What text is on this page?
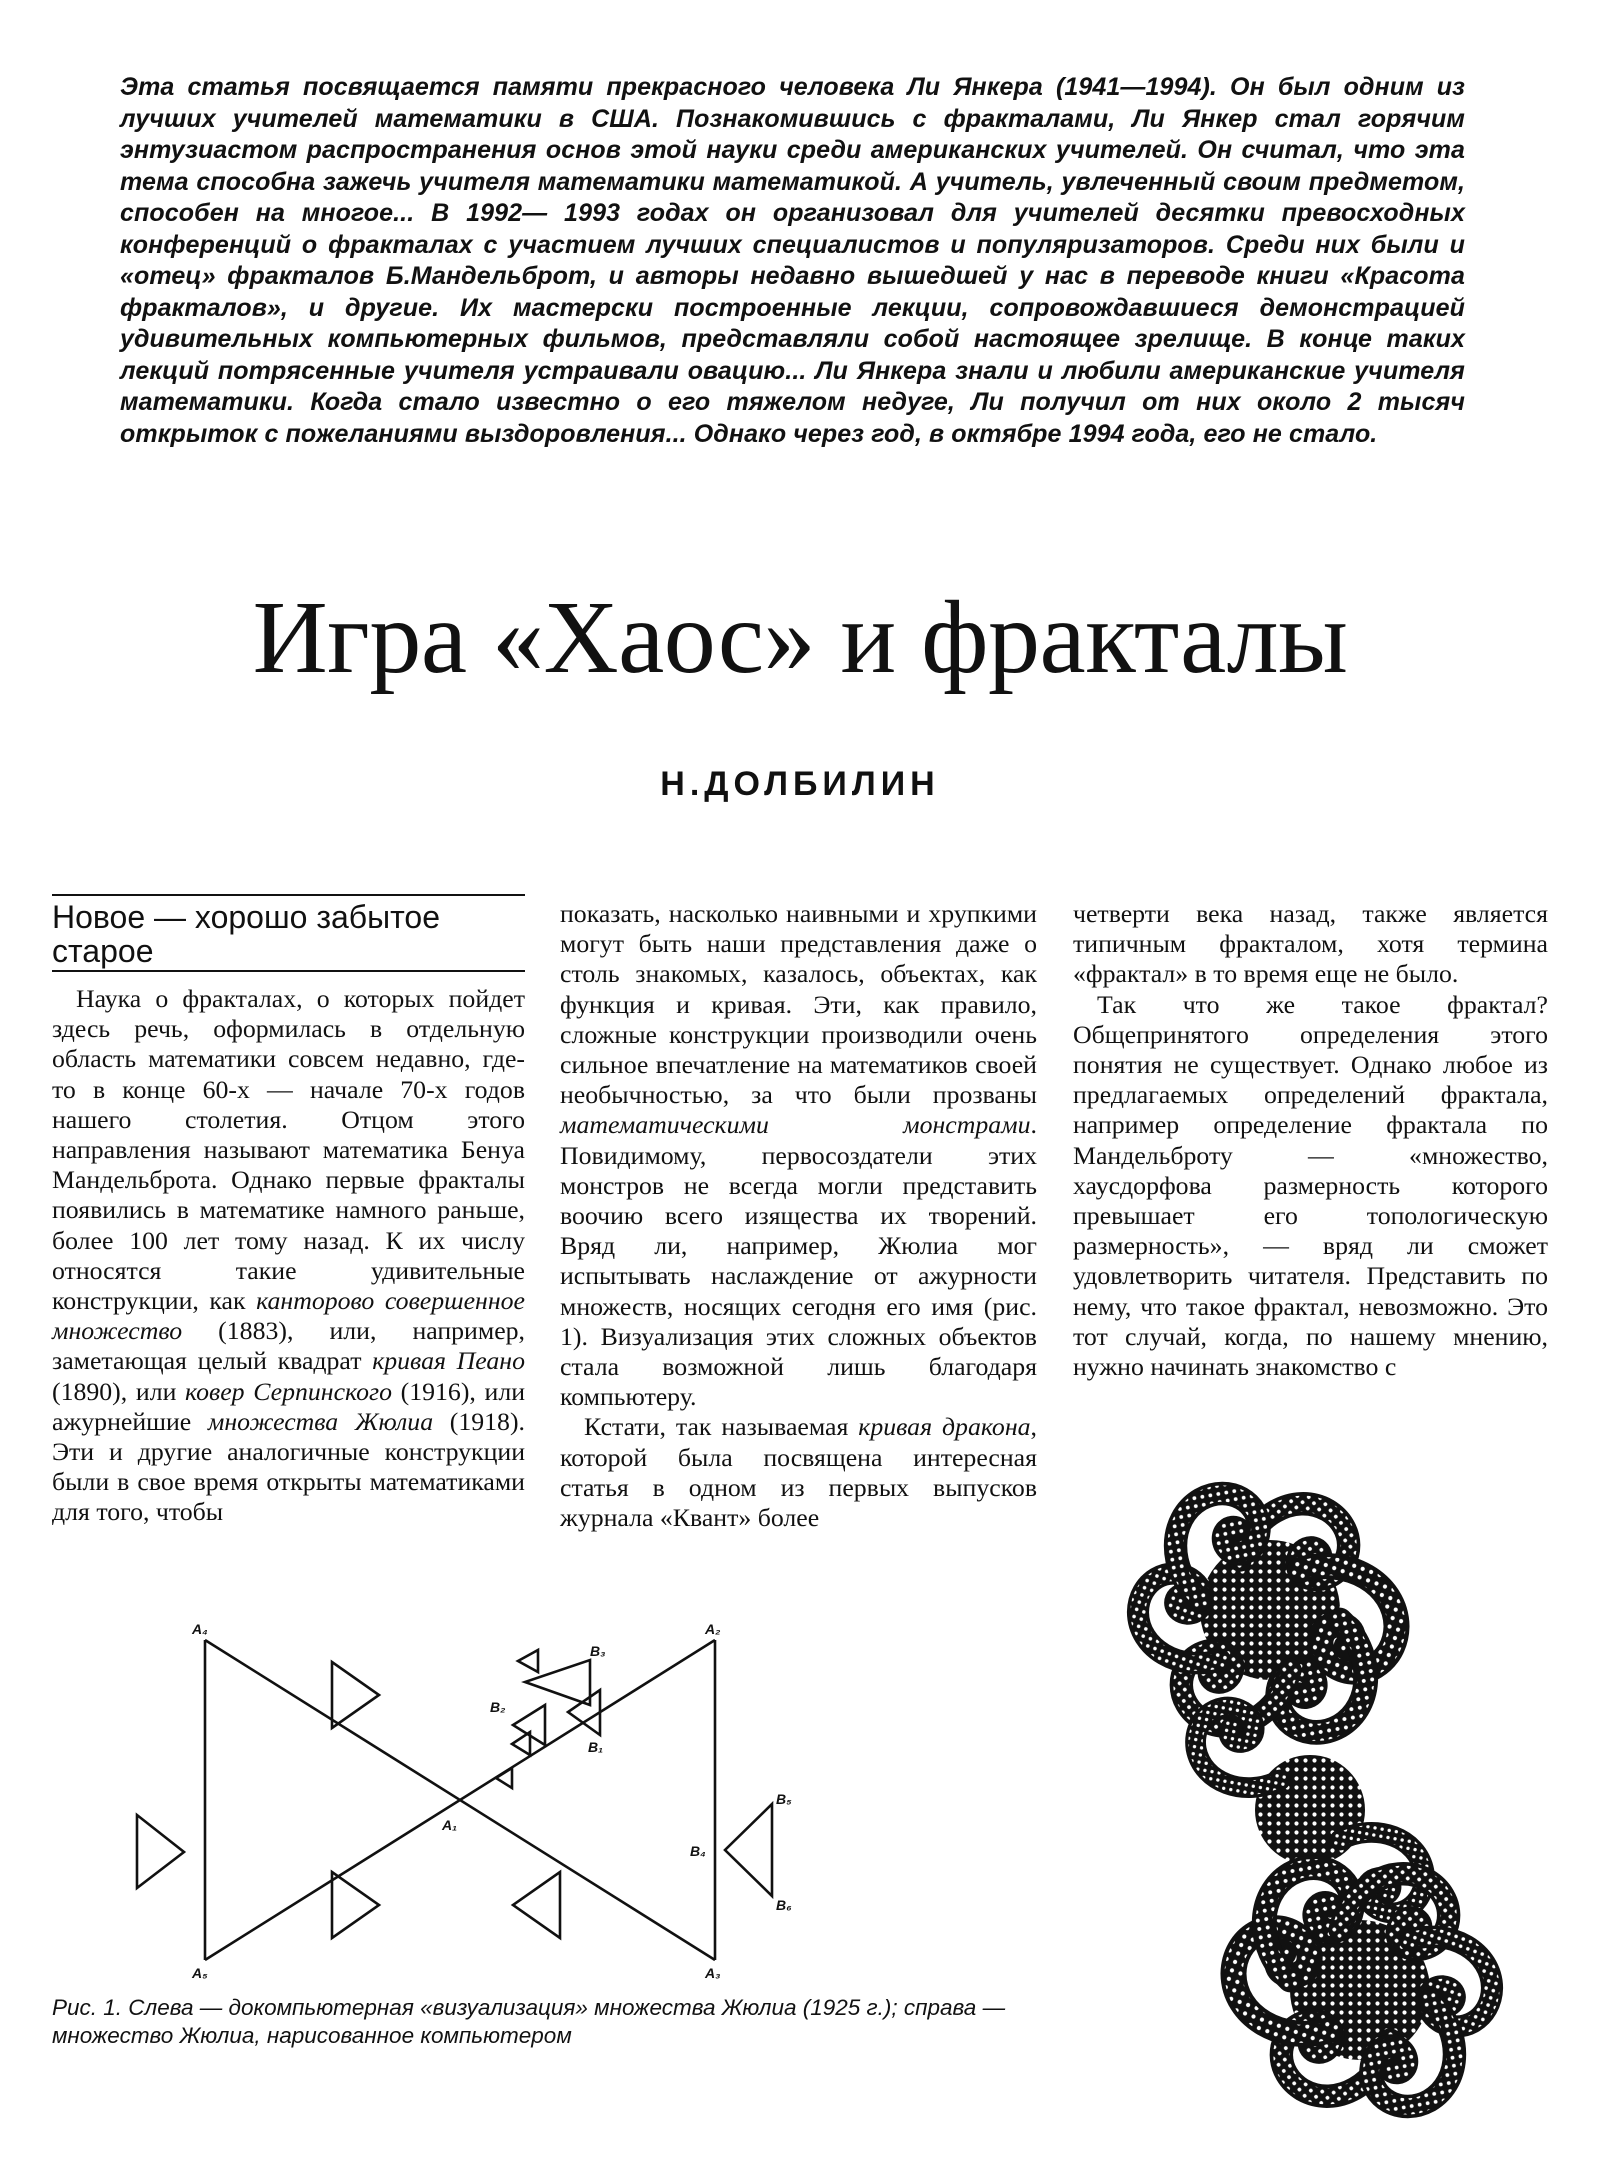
Эта статья посвящается памяти прекрасного человека Ли Янкера (1941—1994). Он был одним из лучших учителей математики в США. Познакомившись с фракталами, Ли Янкер стал горячим энтузиастом распространения основ этой науки среди американских учителей. Он считал, что эта тема способна зажечь учителя математики математикой. А учитель, увлеченный своим предметом, способен на многое... В 1992— 1993 годах он организовал для учителей десятки превосходных конференций о фракталах с участием лучших специалистов и популяризаторов. Среди них были и «отец» фракталов Б.Мандельброт, и авторы недавно вышедшей у нас в переводе книги «Красота фракталов», и другие. Их мастерски построенные лекции, сопровождавшиеся демонстрацией удивительных компьютерных фильмов, представляли собой настоящее зрелище. В конце таких лекций потрясенные учителя устраивали овацию... Ли Янкера знали и любили американские учителя математики. Когда стало известно о его тяжелом недуге, Ли получил от них около 2 тысяч открыток с пожеланиями выздоровления... Однако через год, в октябре 1994 года, его не стало.
Игра «Хаос» и фракталы
Н.ДОЛБИЛИН
Новое — хорошо забытое старое

Наука о фракталах, о которых пойдет здесь речь, оформилась в отдельную область математики совсем недавно, где-то в конце 60-х — начале 70-х годов нашего столетия. Отцом этого направления называют математика Бенуа Мандельброта. Однако первые фракталы появились в математике намного раньше, более 100 лет тому назад. К их числу относятся такие удивительные конструкции, как канторово совершенное множество (1883), или, например, заметающая целый квадрат кривая Пеано (1890), или ковер Серпинского (1916), или ажурнейшие множества Жюлиа (1918). Эти и другие аналогичные конструкции были в свое время открыты математиками для того, чтобы

показать, насколько наивными и хрупкими могут быть наши представления даже о столь знакомых, казалось, объектах, как функция и кривая. Эти, как правило, сложные конструкции производили очень сильное впечатление на математиков своей необычностью, за что были прозваны математическими монстрами. Повидимому, первосоздатели этих монстров не всегда могли представить воочию всего изящества их творений. Вряд ли, например, Жюлиа мог испытывать наслаждение от ажурности множеств, носящих сегодня его имя (рис. 1). Визуализация этих сложных объектов стала возможной лишь благодаря компьютеру.

Кстати, так называемая кривая дракона, которой была посвящена интересная статья в одном из первых выпусков журнала «Квант» более

четверти века назад, также является типичным фракталом, хотя термина «фрактал» в то время еще не было.

Так что же такое фрактал? Общепринятого определения этого понятия не существует. Однако любое из предлагаемых определений фрактала, например определение фрактала по Мандельброту — «множество, хаусдорфова размерность которого превышает его топологическую размерность», — вряд ли сможет удовлетворить читателя. Представить по нему, что такое фрактал, невозможно. Это тот случай, когда, по нашему мнению, нужно начинать знакомство с

A₄	A₂
A₅	A₃
A₁
B₁
B₂
B₃
B₄
B₅
B₆
Рис. 1. Слева — докомпьютерная «визуализация» множества Жюлиа (1925 г.); справа — множество Жюлиа, нарисованное компьютером
